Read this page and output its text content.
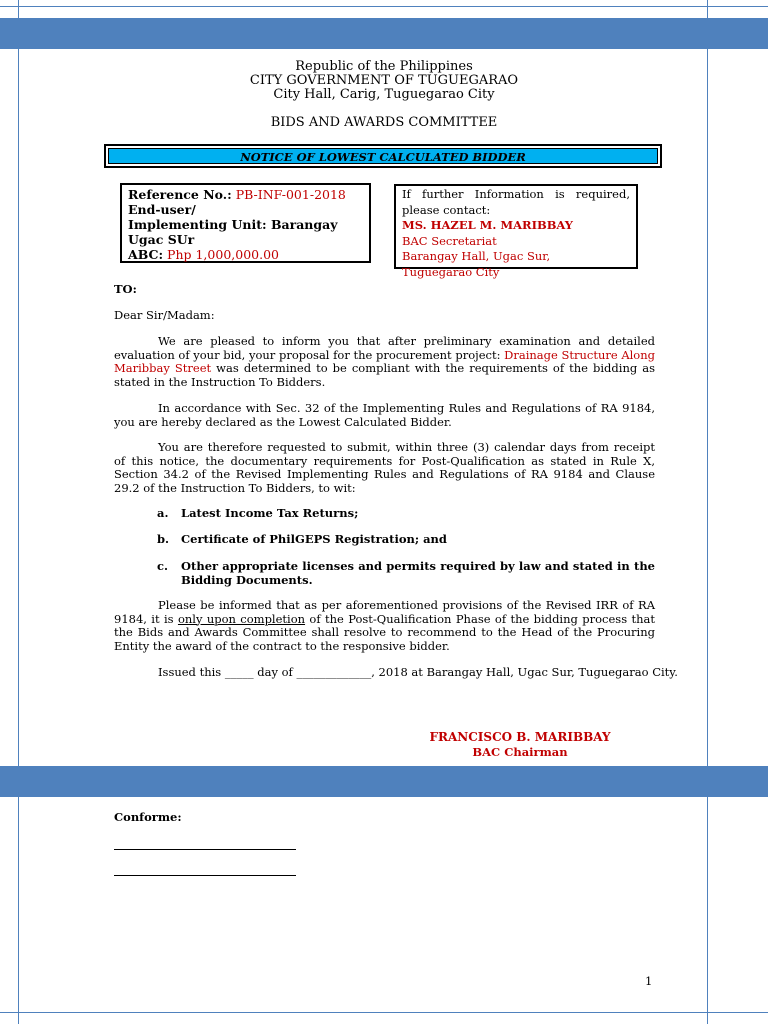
Republic of the Philippines
CITY GOVERNMENT OF TUGUEGARAO
City Hall, Carig, Tuguegarao City
BIDS AND AWARDS COMMITTEE
NOTICE OF LOWEST CALCULATED BIDDER
Reference No.: PB-INF-001-2018
End-user/
Implementing Unit: Barangay
Ugac SUr
ABC: Php 1,000,000.00
If further Information is required,
please contact:
MS. HAZEL M. MARIBBAY
BAC Secretariat
Barangay Hall, Ugac Sur,
Tuguegarao City
TO:
Dear Sir/Madam:
We are pleased to inform you that after preliminary examination and detailed evaluation of your bid, your proposal for the procurement project: Drainage Structure Along Maribbay Street was determined to be compliant with the requirements of the bidding as stated in the Instruction To Bidders.
In accordance with Sec. 32 of the Implementing Rules and Regulations of RA 9184, you are hereby declared as the Lowest Calculated Bidder.
You are therefore requested to submit, within three (3) calendar days from receipt of this notice, the documentary requirements for Post-Qualification as stated in Rule X, Section 34.2 of the Revised Implementing Rules and Regulations of RA 9184 and Clause 29.2 of the Instruction To Bidders, to wit:
a. Latest Income Tax Returns;
b. Certificate of PhilGEPS Registration; and
c. Other appropriate licenses and permits required by law and stated in the Bidding Documents.
Please be informed that as per aforementioned provisions of the Revised IRR of RA 9184, it is only upon completion of the Post-Qualification Phase of the bidding process that the Bids and Awards Committee shall resolve to recommend to the Head of the Procuring Entity the award of the contract to the responsive bidder.
Issued this _____ day of _____________, 2018 at Barangay Hall, Ugac Sur, Tuguegarao City.
FRANCISCO B. MARIBBAY
BAC Chairman
Conforme:
1
